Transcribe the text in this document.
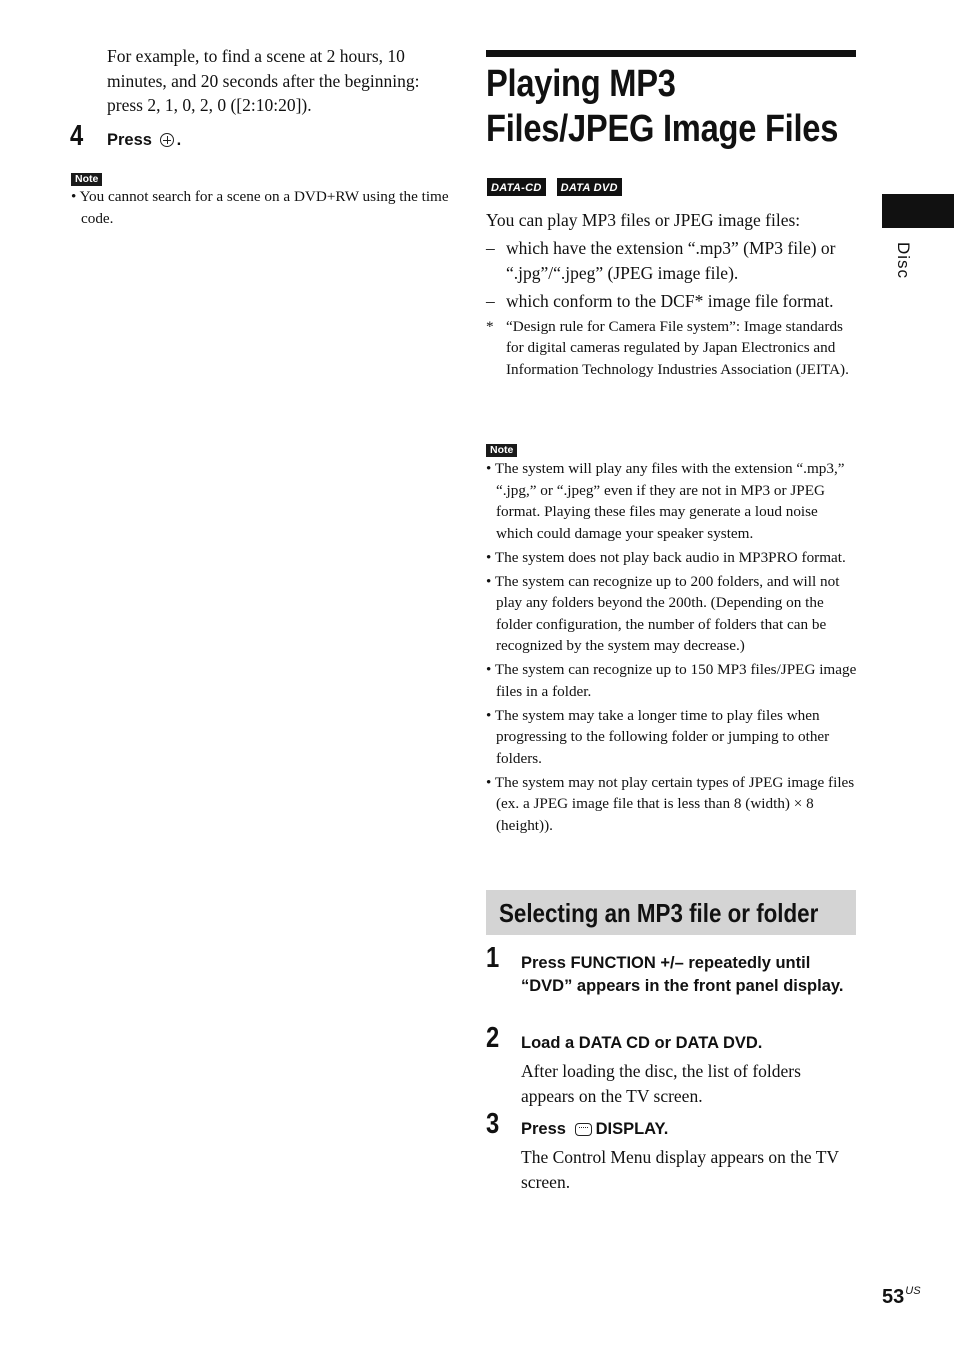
For example, to find a scene at 2 hours, 10 minutes, and 20 seconds after the beginning: press 2, 1, 0, 2, 0 ([2:10:20]).
4 Press .
Note
• You cannot search for a scene on a DVD+RW using the time code.
Playing MP3 Files/JPEG Image Files
DATA-CD DATA DVD
You can play MP3 files or JPEG image files:
– which have the extension “.mp3” (MP3 file) or “.jpg”/“.jpeg” (JPEG image file).
– which conform to the DCF* image file format.
* “Design rule for Camera File system”: Image standards for digital cameras regulated by Japan Electronics and Information Technology Industries Association (JEITA).
Note
• The system will play any files with the extension “.mp3,” “.jpg,” or “.jpeg” even if they are not in MP3 or JPEG format. Playing these files may generate a loud noise which could damage your speaker system.
• The system does not play back audio in MP3PRO format.
• The system can recognize up to 200 folders, and will not play any folders beyond the 200th. (Depending on the folder configuration, the number of folders that can be recognized by the system may decrease.)
• The system can recognize up to 150 MP3 files/JPEG image files in a folder.
• The system may take a longer time to play files when progressing to the following folder or jumping to other folders.
• The system may not play certain types of JPEG image files (ex. a JPEG image file that is less than 8 (width) × 8 (height)).
Selecting an MP3 file or folder
1 Press FUNCTION +/– repeatedly until “DVD” appears in the front panel display.
2 Load a DATA CD or DATA DVD.
After loading the disc, the list of folders appears on the TV screen.
3 Press DISPLAY.
The Control Menu display appears on the TV screen.
Disc
$53^{US}$
